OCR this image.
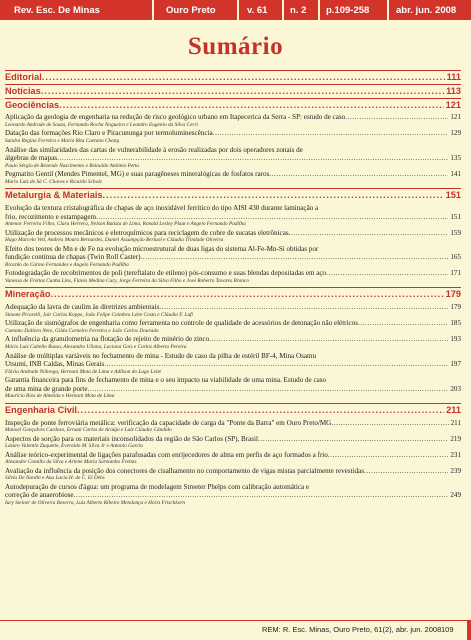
Rev. Esc. De Minas	Ouro Preto	v. 61 n. 2 p.109-258	abr. jun. 2008
Sumário
Editorial .....	111
Notícias .....	113
Geociências .....	121
Aplicação da geologia de engenharia na redução de risco geológico urbano em Itapecerica da Serra - SP: estudo de caso .....	121
Leonardo Andrade de Souza, Fernando Rocha Nogueira e Leandro Eugenio da Silva Cerri
Datação das formações Rio Claro e Piracununga por termoluminescência .....	129
Sandra Regina Ferreira e Maria Rita Caetano Chang
Análise das similaridades das cartas de vulnerabilidade à erosão realizadas por dois operadores zonais de
álgebras de mapas .....	135
Paulo Sérgio de Rezende Nascimento e Reinaldo Antônio Petta
Pegmatito Gentil (Mendes Pimentel, MG) e suas paragêneses mineralógicas de fosfatos raros .....	141
Mario Luiz de Sá C. Chaves e Ricardo Scholz
Metalurgia & Materiais .....	151
Evolução da textura cristalográfica de chapas de aço inoxidável ferrítico do tipo AISI 430 durante laminação a
frio, recozimento e estampagem .....	151
Antenor Ferreira Filho, Clara Herrera, Nelson Batista de Lima, Ronald Lesley Plaut e Angelo Fernando Padilha
Utilização de processos mecânicos e eletroquímicos para reciclagem de cobre de sucatas eletrônicas .....	159
Hugo Marcelo Veit, Andréa Moura Bernardes, Daniel Assumpção Bertuol e Cláudia Trindade Oliveira
Efeito dos teores de Mn e de Fe na evolução microestrutural de duas ligas do sistema Al-Fe-Mn-Si obtidas por
fundição contínua de chapas (Twin Roll Caster) .....	165
Ricardo do Carmo Fernandes e Angelo Fernando Padilha
Fotodegradação de recobrimentos de poli (tereftalato de etileno) pós-consumo e suas blendas depositadas em aço .....	171
Vanessa de Freitas Cunha Lins, Flávia Medina Cury, Jorge Ferreira da Silva Filho e José Roberto Tavares Branco
Mineração .....	179
Adequação da lavra de caulim às diretrizes ambientais .....	179
Simone Picarelli, Jair Carlos Koppe, João Felipe Coimbra Leite Costa e Cláudio F. Lufi
Utilização de sismógrafos de engenharia como ferramenta no controle de qualidade de acessórios de detonação não elétricos .....	185
Caetano Dallora Neto, Gilda Carneiro Ferreira e João Carlos Dourado
A influência da granulometria na flotação de rejeito de minério de zinco .....	193
Mário Luiz Cabello Russo, Alexandro Uliana, Luciana Gois e Carlos Alberto Pereira
Análise de múltiplas variáveis no fechamento de mina - Estudo de caso da pilha de estéril BF-4, Mina Osamu
Utsumi, INB Caldas, Minas Gerais .....	197
Flávia Andrade Nóbrega, Hernani Mota de Lima e Adilson do Lago Leite
Garantia financeira para fins de fechamento de mina e o seu impacto na viabilidade de uma mina. Estudo de caso
de uma mina de grande porte .....	203
Maurício Rios de Almeida e Hernani Mota de Lima
Engenharia Civil .....	211
Inspeção de ponte ferroviária metálica: verificação da capacidade de carga da "Ponte da Barra" em Ouro Preto/MG .....	211
Manoel Gonçalves Cardoso, Ernani Carlos de Araújo e Luiz Cláudio Cândido
Aspectos de sorção para os materiais inconsolidados da região de São Carlos (SP), Brasil .....	219
Lázaro Valentin Zuquette, Everaldo M. Silva Jr e Antonio Garcia
Análise teórico-experimental de ligações parafusadas com enrijecedores de alma em perfis de aço formados a frio .....	231
Alexandre Camillo da Silva e Arlene Maria Sarmanho Freitas
Avaliação da influência da posição dos conectores de cisalhamento no comportamento de vigas mistas parcialmente revestidas .....	239
Sílvia De Nardin e Ana Lucia H. de C. El Debs
Autodepuração de cursos d'água: um programa de modelagem Streeter Phelps com calibração automática e
correção de anaerobiose .....	249
Iury Steiner de Oliveira Bezerra, Luiz Alberto Ribeiro Mendonça e Horst Frischkorn
REM: R. Esc. Minas, Ouro Preto, 61(2), abr. jun. 2008 109
